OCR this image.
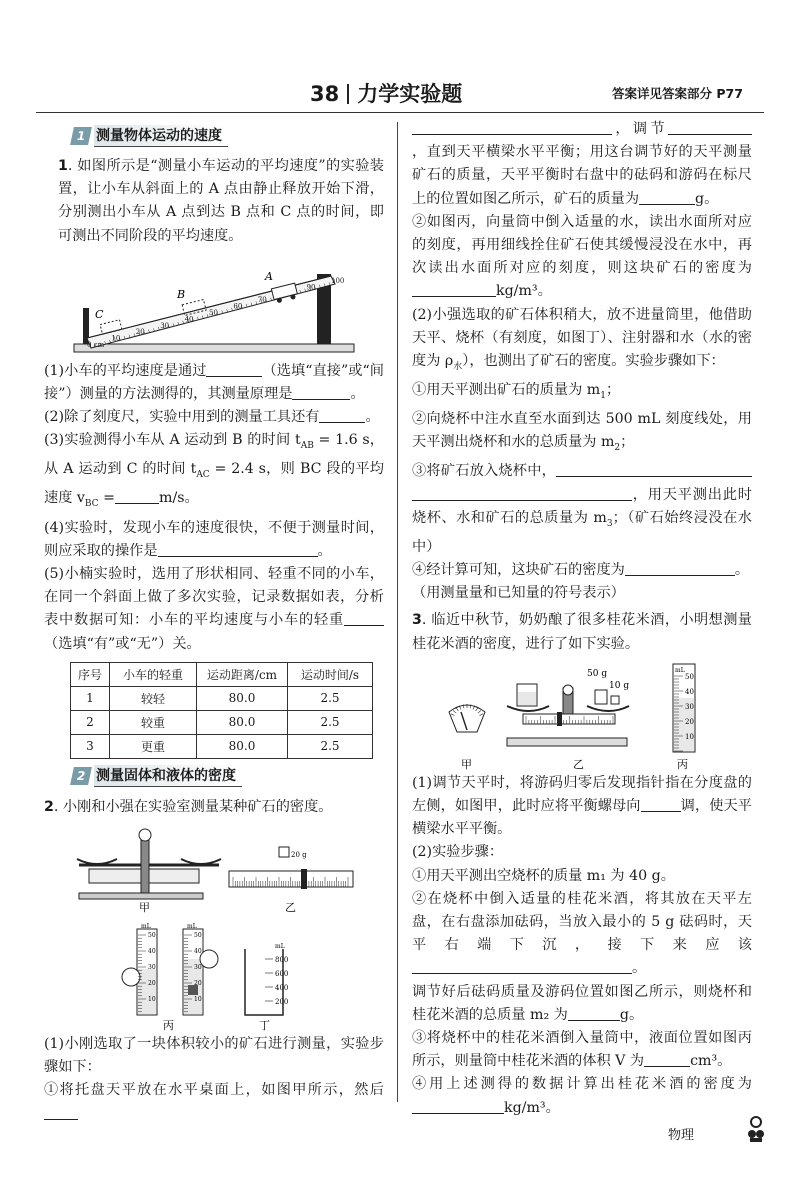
38 力学实验题	答案详见答案部分 P77
1 测量物体运动的速度

1. 如图所示是“测量小车运动的平均速度”的实验装置，让小车从斜面上的 A 点由静止释放开始下滑，分别测出小车从 A 点到达 B 点和 C 点的时间，即可测出不同阶段的平均速度。

0 cm
10
20
30
40
50
60
70
90
100
C
B
A

(1)小车的平均速度是通过	（选填“直接”或“间接”）测量的方法测得的，其测量原理是	。

(2)除了刻度尺，实验中用到的测量工具还有	。

(3)实验测得小车从 A 运动到 B 的时间 $t_{AB} = 1.6$ s，从 A 运动到 C 的时间 $t_{AC} = 2.4$ s，则 BC 段的平均速度 $v_{BC}$ =	m/s。

(4)实验时，发现小车的速度很快，不便于测量时间，则应采取的操作是	。

(5)小楠实验时，选用了形状相同、轻重不同的小车，在同一个斜面上做了多次实验，记录数据如表，分析表中数据可知：小车的平均速度与小车的轻重（选填“有”或“无”）关。

序号	小车的轻重	运动距离/cm	运动时间/s
1	较轻	80.0	2.5
2	较重	80.0	2.5
3	更重	80.0	2.5
2 测量固体和液体的密度

2. 小刚和小强在实验室测量某种矿石的密度。

甲
20 g
乙
50
40
30
20
10
50
40
30
20
10
mL	mL
丙
800
600
400
200
mL
丁

(1)小刚选取了一块体积较小的矿石进行测量，实验步骤如下：

①将托盘天平放在水平桌面上，如图甲所示，然后

，调节，直到天平横梁水平平衡；用这台调节好的天平测量矿石的质量，天平平衡时右盘中的砝码和游码在标尺上的位置如图乙所示，矿石的质量为	g。

②如图丙，向量筒中倒入适量的水，读出水面所对应的刻度，再用细线拴住矿石使其缓慢浸没在水中，再次读出水面所对应的刻度，则这块矿石的密度为kg/m³。

(2)小强选取的矿石体积稍大，放不进量筒里，他借助天平、烧杯（有刻度，如图丁）、注射器和水（水的密度为 $\rho_水$），也测出了矿石的密度。实验步骤如下：

①用天平测出矿石的质量为 $m_1$；

②向烧杯中注水直至水面到达 500 mL 刻度线处，用天平测出烧杯和水的总质量为 $m_2$；

③将矿石放入烧杯中，，用天平测出此时烧杯、水和矿石的总质量为 $m_3$；（矿石始终浸没在水中）

④经计算可知，这块矿石的密度为	。

（用测量量和已知量的符号表示）

3. 临近中秋节，奶奶酿了很多桂花米酒，小明想测量桂花米酒的密度，进行了如下实验。

甲
50 g
10 g
乙
50
40
30
20
10
mL
丙

(1)调节天平时，将游码归零后发现指针指在分度盘的左侧，如图甲，此时应将平衡螺母向	调，使天平横梁水平平衡。

(2)实验步骤：

①用天平测出空烧杯的质量 m₁ 为 40 g。

②在烧杯中倒入适量的桂花米酒，将其放在天平左盘，在右盘添加砝码，当放入最小的 5 g 砝码时，天平右端下沉，接下来应该。

调节好后砝码质量及游码位置如图乙所示，则烧杯和桂花米酒的总质量 m₂ 为	g。

③将烧杯中的桂花米酒倒入量筒中，液面位置如图丙所示，则量筒中桂花米酒的体积 V 为	cm³。

④用上述测得的数据计算出桂花米酒的密度为kg/m³。

物理
